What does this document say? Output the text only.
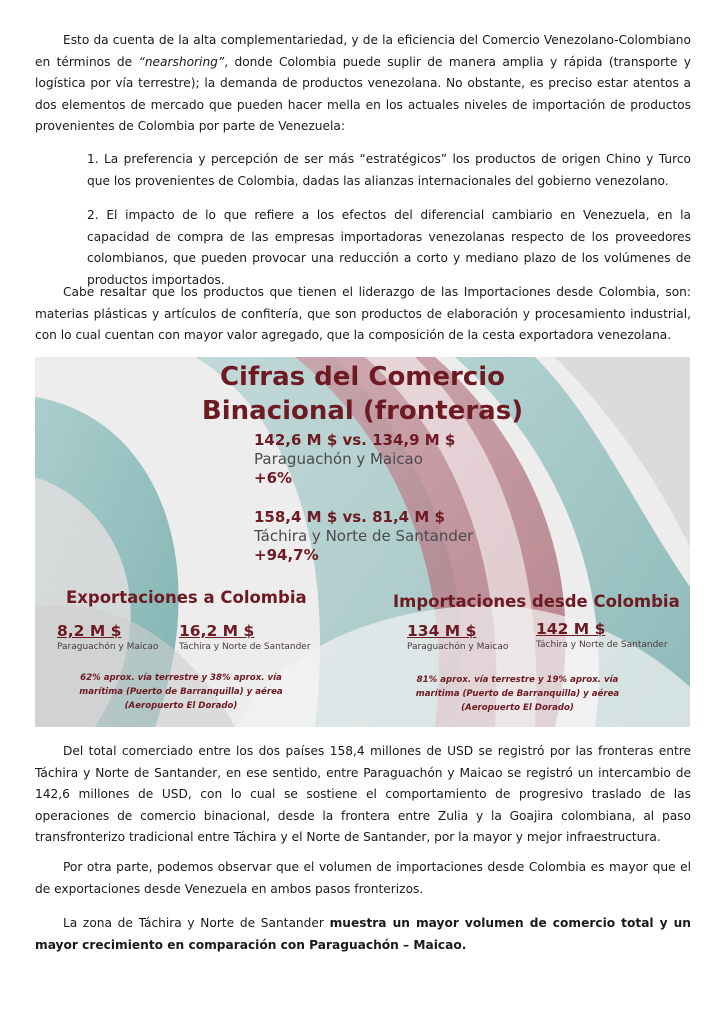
Esto da cuenta de la alta complementariedad, y de la eficiencia del Comercio Venezolano-Colombiano en términos de “nearshoring”, donde Colombia puede suplir de manera amplia y rápida (transporte y logística por vía terrestre); la demanda de productos venezolana. No obstante, es preciso estar atentos a dos elementos de mercado que pueden hacer mella en los actuales niveles de importación de productos provenientes de Colombia por parte de Venezuela:

1. La preferencia y percepción de ser más “estratégicos” los productos de origen Chino y Turco que los provenientes de Colombia, dadas las alianzas internacionales del gobierno venezolano.

2. El impacto de lo que refiere a los efectos del diferencial cambiario en Venezuela, en la capacidad de compra de las empresas importadoras venezolanas respecto de los proveedores colombianos, que pueden provocar una reducción a corto y mediano plazo de los volúmenes de productos importados.

Cabe resaltar que los productos que tienen el liderazgo de las Importaciones desde Colombia, son: materias plásticas y artículos de confitería, que son productos de elaboración y procesamiento industrial, con lo cual cuentan con mayor valor agregado, que la composición de la cesta exportadora venezolana.

Cifras del Comercio
Binacional (fronteras)
142,6 M $ vs. 134,9 M $
Paraguachón y Maicao
+6%
158,4 M $ vs. 81,4 M $
Táchira y Norte de Santander
+94,7%
Exportaciones a Colombia
8,2 M $
Paraguachón y Maicao
16,2 M $
Táchira y Norte de Santander
62% aprox. vía terrestre y 38% aprox. vía marítima (Puerto de Barranquilla) y aérea (Aeropuerto El Dorado)
Importaciones desde Colombia
134 M $
Paraguachón y Maicao
142 M $
Táchira y Norte de Santander
81% aprox. vía terrestre y 19% aprox. vía marítima (Puerto de Barranquilla) y aérea (Aeropuerto El Dorado)

Del total comerciado entre los dos países 158,4 millones de USD se registró por las fronteras entre Táchira y Norte de Santander, en ese sentido, entre Paraguachón y Maicao se registró un intercambio de 142,6 millones de USD, con lo cual se sostiene el comportamiento de progresivo traslado de las operaciones de comercio binacional, desde la frontera entre Zulia y la Goajira colombiana, al paso transfronterizo tradicional entre Táchira y el Norte de Santander, por la mayor y mejor infraestructura.

Por otra parte, podemos observar que el volumen de importaciones desde Colombia es mayor que el de exportaciones desde Venezuela en ambos pasos fronterizos.

La zona de Táchira y Norte de Santander muestra un mayor volumen de comercio total y un mayor crecimiento en comparación con Paraguachón – Maicao.
